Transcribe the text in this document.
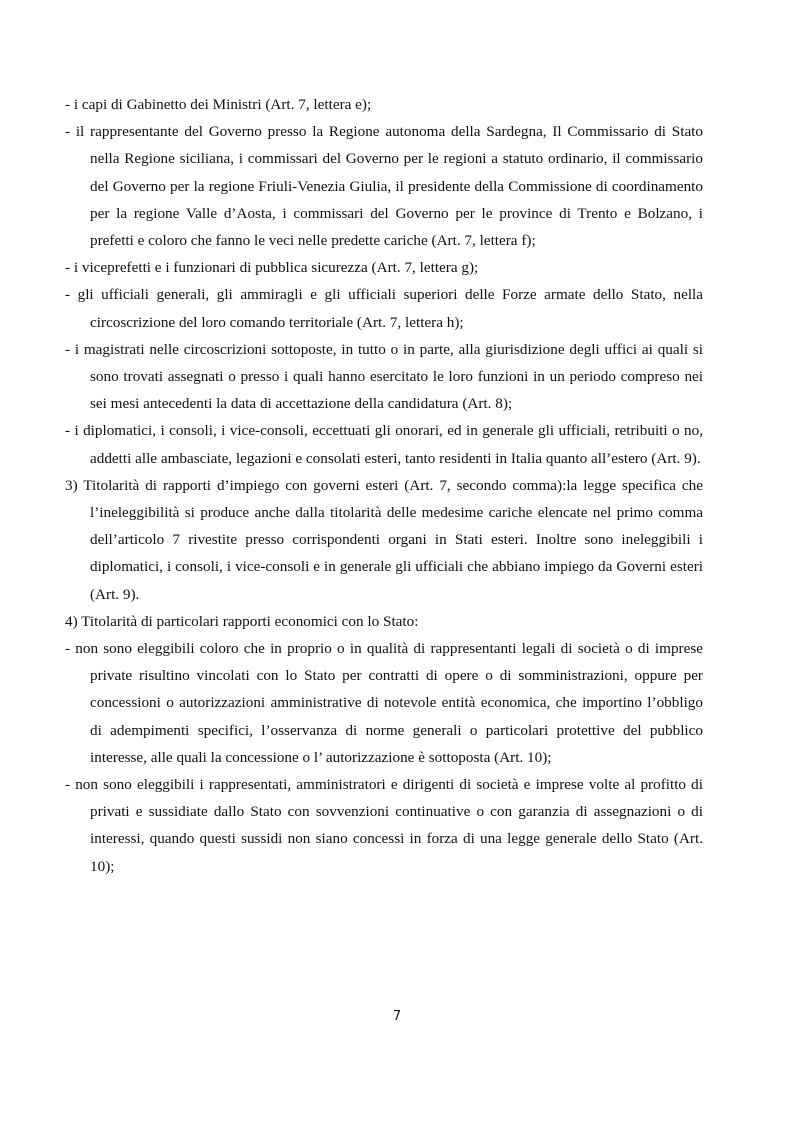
- i capi di Gabinetto dei Ministri (Art. 7, lettera e);

- il rappresentante del Governo presso la Regione autonoma della Sardegna, Il Commissario di Stato nella Regione siciliana, i commissari del Governo per le regioni a statuto ordinario, il commissario del Governo per la regione Friuli-Venezia Giulia, il presidente della Commissione di coordinamento per la regione Valle d’Aosta, i commissari del Governo per le province di Trento e Bolzano, i prefetti e coloro che fanno le veci nelle predette cariche (Art. 7, lettera f);

- i viceprefetti e i funzionari di pubblica sicurezza (Art. 7, lettera g);

- gli ufficiali generali, gli ammiragli e gli ufficiali superiori delle Forze armate dello Stato, nella circoscrizione del loro comando territoriale (Art. 7, lettera h);

- i magistrati nelle circoscrizioni sottoposte, in tutto o in parte, alla giurisdizione degli uffici ai quali si sono trovati assegnati o presso i quali hanno esercitato le loro funzioni in un periodo compreso nei sei mesi antecedenti la data di accettazione della candidatura (Art. 8);

- i diplomatici, i consoli, i vice-consoli, eccettuati gli onorari, ed in generale gli ufficiali, retribuiti o no, addetti alle ambasciate, legazioni e consolati esteri, tanto residenti in Italia quanto all’estero (Art. 9).

3) Titolarità di rapporti d’impiego con governi esteri (Art. 7, secondo comma):la legge specifica che l’ineleggibilità si produce anche dalla titolarità delle medesime cariche elencate nel primo comma dell’articolo 7 rivestite presso corrispondenti organi in Stati esteri. Inoltre sono ineleggibili i diplomatici, i consoli, i vice-consoli e in generale gli ufficiali che abbiano impiego da Governi esteri (Art. 9).

4) Titolarità di particolari rapporti economici con lo Stato:

- non sono eleggibili coloro che in proprio o in qualità di rappresentanti legali di società o di imprese private risultino vincolati con lo Stato per contratti di opere o di somministrazioni, oppure per concessioni o autorizzazioni amministrative di notevole entità economica, che importino l’obbligo di adempimenti specifici, l’osservanza di norme generali o particolari protettive del pubblico interesse, alle quali la concessione o l’ autorizzazione è sottoposta (Art. 10);

- non sono eleggibili i rappresentati, amministratori e dirigenti di società e imprese volte al profitto di privati e sussidiate dallo Stato con sovvenzioni continuative o con garanzia di assegnazioni o di interessi, quando questi sussidi non siano concessi in forza di una legge generale dello Stato (Art. 10);

7
